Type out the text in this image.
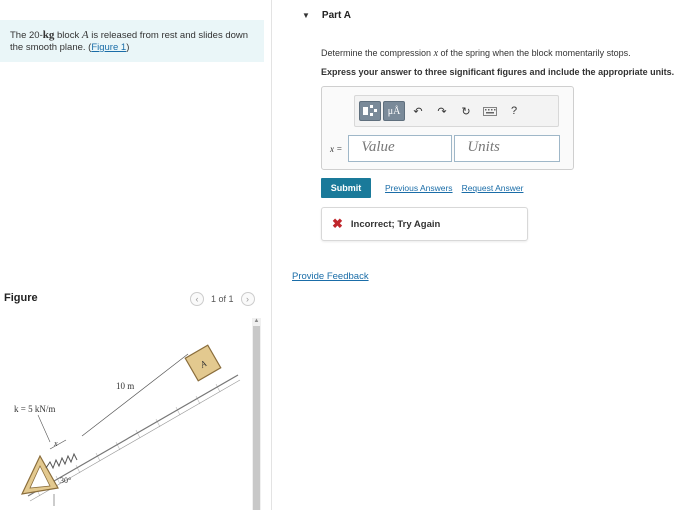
The 20-kg block A is released from rest and slides down the smooth plane. (Figure 1)
Figure	‹	1 of 1	›
x
10 m
A
k = 5 kN/m
30°
▲
▼ Part A
Determine the compression x of the spring when the block momentarily stops.
Express your answer to three significant figures and include the appropriate units.
μÅ	↶	↷	↻	?
x =	Value	Units
Submit	Previous Answers Request Answer
✖ Incorrect; Try Again
Provide Feedback
